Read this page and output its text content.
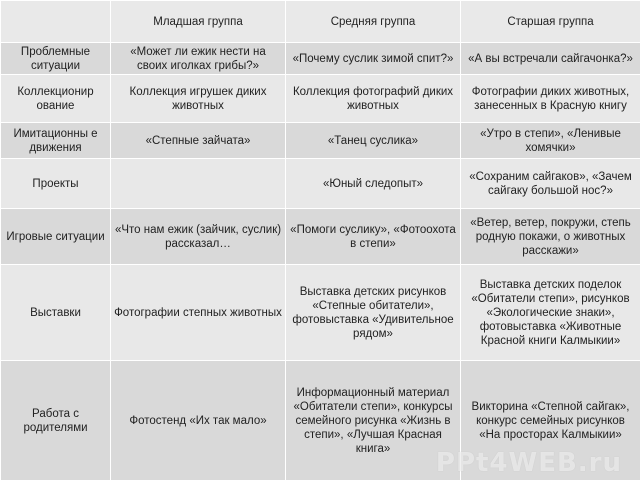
	Младшая группа	Средняя группа	Старшая группа
Проблемные ситуации	«Может ли ежик нести на своих иголках грибы?»	«Почему суслик зимой спит?»	«А вы встречали сайгачонка?»
Коллекционир ование	Коллекция игрушек диких животных	Коллекция фотографий диких животных	Фотографии диких животных, занесенных в Красную книгу
Имитационны е движения	«Степные зайчата»	«Танец суслика»	«Утро в степи», «Ленивые хомячки»
Проекты		«Юный следопыт»	«Сохраним сайгаков», «Зачем сайгаку большой нос?»
Игровые ситуации	«Что нам ежик (зайчик, суслик) рассказал…	«Помоги суслику», «Фотоохота в степи»	«Ветер, ветер, покружи, степь родную покажи, о животных расскажи»
Выставки	Фотографии степных животных	Выставка детских рисунков «Степные обитатели», фотовыставка «Удивительное рядом»	Выставка детских поделок «Обитатели степи», рисунков «Экологические знаки», фотовыставка «Животные Красной книги Калмыкии»
Работа с родителями	Фотостенд «Их так мало»	Информационный материал «Обитатели степи», конкурсы семейного рисунка «Жизнь в степи», «Лучшая Красная книга»	Викторина «Степной сайгак», конкурс семейных рисунков «На просторах Калмыкии»
PPt4WEB.ru
